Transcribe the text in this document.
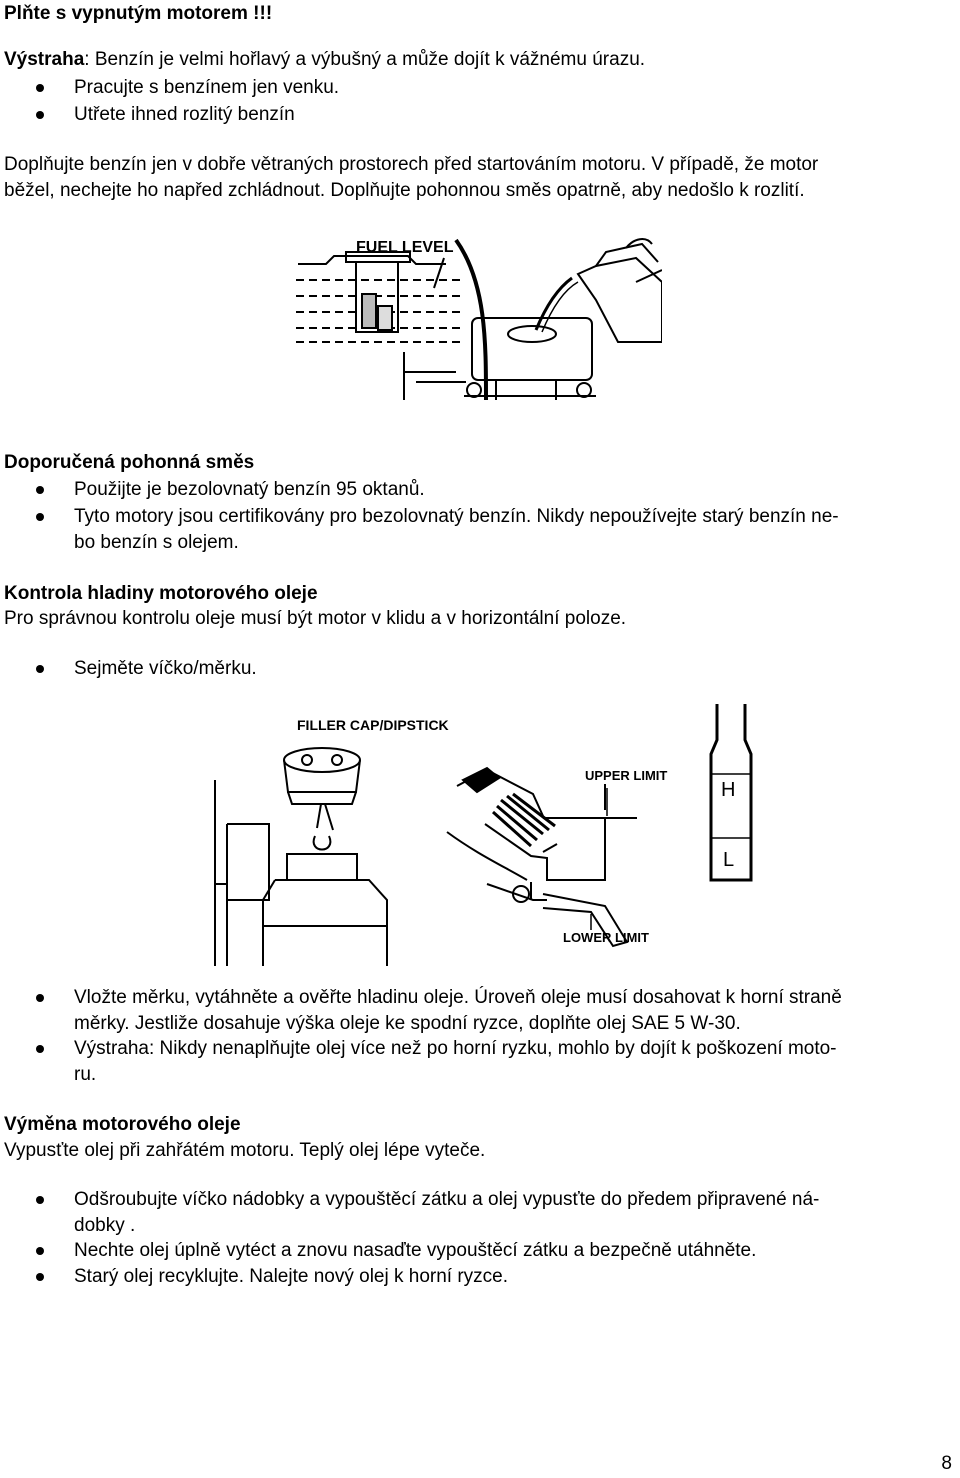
Plňte s vypnutým motorem !!!
Výstraha: Benzín je velmi hořlavý a výbušný a může dojít k vážnému úrazu.
Pracujte s benzínem jen venku.
Utřete ihned rozlitý benzín
Doplňujte benzín jen v dobře větraných prostorech před startováním motoru. V případě, že motor
běžel, nechejte ho napřed zchládnout. Doplňujte pohonnou směs opatrně, aby nedošlo k rozlití.
FUEL LEVEL
Doporučená pohonná směs
Použijte je bezolovnatý benzín 95 oktanů.
Tyto motory jsou certifikovány pro bezolovnatý benzín. Nikdy nepoužívejte starý benzín ne-
bo benzín s olejem.
Kontrola hladiny motorového oleje
Pro správnou kontrolu oleje musí být motor v klidu a v horizontální poloze.
Sejměte víčko/měrku.
FILLER CAP/DIPSTICK
UPPER LIMIT
LOWER LIMIT
H
L
Vložte měrku, vytáhněte a ověřte hladinu oleje. Úroveň oleje musí dosahovat k horní straně
měrky. Jestliže dosahuje výška oleje ke spodní ryzce, doplňte olej SAE 5 W-30.
Výstraha: Nikdy nenaplňujte olej více než po horní ryzku, mohlo by dojít k poškození moto-
ru.
Výměna motorového oleje
Vypusťte olej při zahřátém motoru. Teplý olej lépe vyteče.
Odšroubujte víčko nádobky a vypouštěcí zátku a olej vypusťte do předem připravené ná-
dobky .
Nechte olej úplně vytéct a znovu nasaďte vypouštěcí zátku a bezpečně utáhněte.
Starý olej recyklujte. Nalejte nový olej k horní ryzce.
8
